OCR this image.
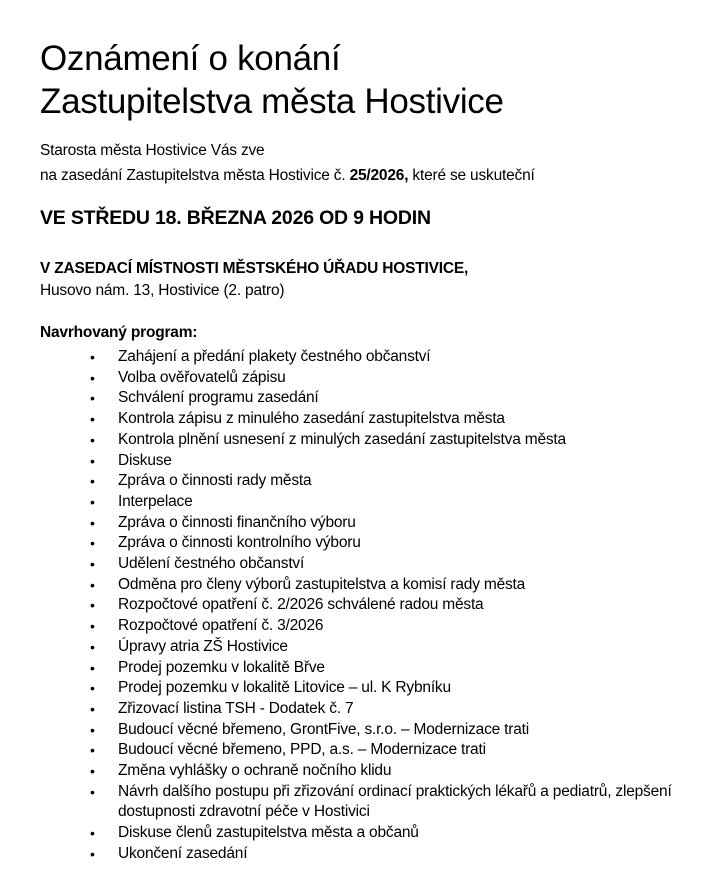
Oznámení o konání
Zastupitelstva města Hostivice
Starosta města Hostivice Vás zve
na zasedání Zastupitelstva města Hostivice č. 25/2026, které se uskuteční
VE STŘEDU 18. BŘEZNA 2026 OD 9 HODIN
V ZASEDACÍ MÍSTNOSTI MĚSTSKÉHO ÚŘADU HOSTIVICE,
Husovo nám. 13, Hostivice (2. patro)
Navrhovaný program:
• Zahájení a předání plakety čestného občanství
• Volba ověřovatelů zápisu
• Schválení programu zasedání
• Kontrola zápisu z minulého zasedání zastupitelstva města
• Kontrola plnění usnesení z minulých zasedání zastupitelstva města
• Diskuse
• Zpráva o činnosti rady města
• Interpelace
• Zpráva o činnosti finančního výboru
• Zpráva o činnosti kontrolního výboru
• Udělení čestného občanství
• Odměna pro členy výborů zastupitelstva a komisí rady města
• Rozpočtové opatření č. 2/2026 schválené radou města
• Rozpočtové opatření č. 3/2026
• Úpravy atria ZŠ Hostivice
• Prodej pozemku v lokalitě Břve
• Prodej pozemku v lokalitě Litovice – ul. K Rybníku
• Zřizovací listina TSH - Dodatek č. 7
• Budoucí věcné břemeno, GrontFive, s.r.o. – Modernizace trati
• Budoucí věcné břemeno, PPD, a.s. – Modernizace trati
• Změna vyhlášky o ochraně nočního klidu
• Návrh dalšího postupu při zřizování ordinací praktických lékařů a pediatrů, zlepšení dostupnosti zdravotní péče v Hostivici
• Diskuse členů zastupitelstva města a občanů
• Ukončení zasedání
